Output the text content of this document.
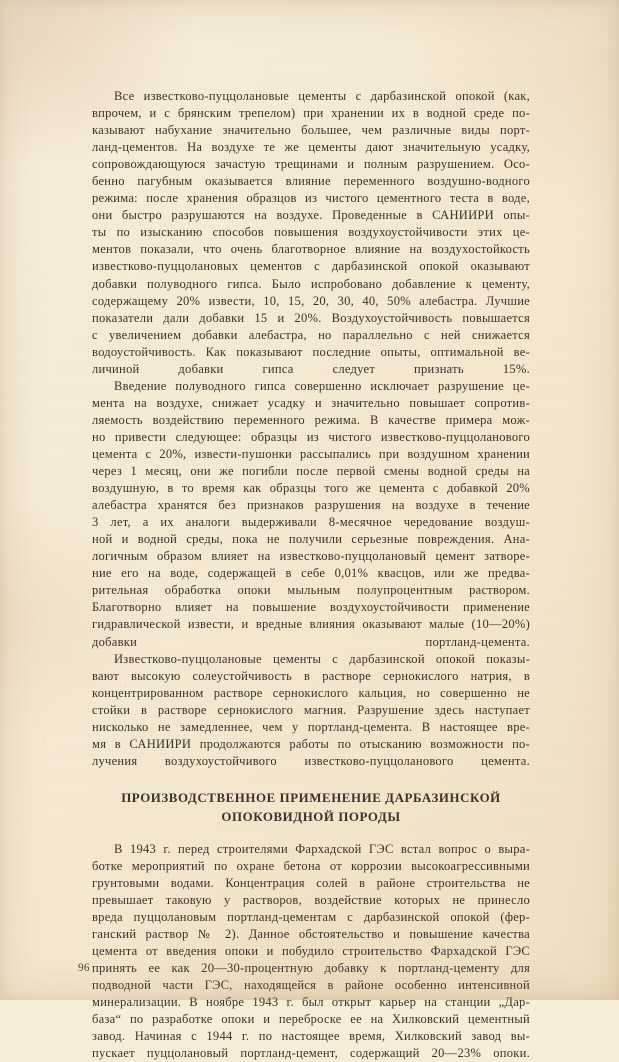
Все известково-пуццолановые цементы с дарбазинской опокой (как,
впрочем, и с брянским трепелом) при хранении их в водной среде по-
казывают набухание значительно большее, чем различные виды порт-
ланд-цементов. На воздухе те же цементы дают значительную усадку,
сопровождающуюся зачастую трещинами и полным разрушением. Осо-
бенно пагубным оказывается влияние переменного воздушно-водного
режима: после хранения образцов из чистого цементного теста в воде,
они быстро разрушаются на воздухе. Проведенные в САНИИРИ опы-
ты по изысканию способов повышения воздухоустойчивости этих це-
ментов показали, что очень благотворное влияние на воздухостойкость
известково-пуццолановых цементов с дарбазинской опокой оказывают
добавки полуводного гипса. Было испробовано добавление к цементу,
содержащему 20% извести, 10, 15, 20, 30, 40, 50% алебастра. Лучшие
показатели дали добавки 15 и 20%. Воздухоустойчивость повышается
с увеличением добавки алебастра, но параллельно с ней снижается
водоустойчивость. Как показывают последние опыты, оптимальной ве-
личиной добавки гипса следует признать 15%.

Введение полуводного гипса совершенно исключает разрушение це-
мента на воздухе, снижает усадку и значительно повышает сопротив-
ляемость воздействию переменного режима. В качестве примера мож-
но привести следующее: образцы из чистого известково-пуццоланового
цемента с 20%, извести-пушонки рассыпались при воздушном хранении
через 1 месяц, они же погибли после первой смены водной среды на
воздушную, в то время как образцы того же цемента с добавкой 20%
алебастра хранятся без признаков разрушения на воздухе в течение
3 лет, а их аналоги выдерживали 8-месячное чередование воздуш-
ной и водной среды, пока не получили серьезные повреждения. Ана-
логичным образом влияет на известково-пуццолановый цемент затворе-
ние его на воде, содержащей в себе 0,01% квасцов, или же предва-
рительная обработка опоки мыльным полупроцентным раствором.
Благотворно влияет на повышение воздухоустойчивости применение
гидравлической извести, и вредные влияния оказывают малые (10—20%)
добавки портланд-цемента.

Известково-пуццолановые цементы с дарбазинской опокой показы-
вают высокую солеустойчивость в растворе сернокислого натрия, в
концентрированном растворе сернокислого кальция, но совершенно не
стойки в растворе сернокислого магния. Разрушение здесь наступает
нисколько не замедленнее, чем у портланд-цемента. В настоящее вре-
мя в САНИИРИ продолжаются работы по отысканию возможности по-
лучения воздухоустойчивого известково-пуццоланового цемента.

ПРОИЗВОДСТВЕННОЕ ПРИМЕНЕНИЕ ДАРБАЗИНСКОЙ
ОПОКОВИДНОЙ ПОРОДЫ

В 1943 г. перед строителями Фархадской ГЭС встал вопрос о выра-
ботке мероприятий по охране бетона от коррозии высокоагрессивными
грунтовыми водами. Концентрация солей в районе строительства не
превышает таковую у растворов, воздействие которых не принесло
вреда пуццолановым портланд-цементам с дарбазинской опокой (фер-
ганский раствор № 2). Данное обстоятельство и повышение качества
цемента от введения опоки и побудило строительство Фархадской ГЭС
принять ее как 20—30-процентную добавку к портланд-цементу для
подводной части ГЭС, находящейся в районе особенно интенсивной
минерализации. В ноябре 1943 г. был открыт карьер на станции „Дар-
база“ по разработке опоки и переброске ее на Хилковский цементный
завод. Начиная с 1944 г. по настоящее время, Хилковский завод вы-
пускает пуццолановый портланд-цемент, содержащий 20—23% опоки.

96
